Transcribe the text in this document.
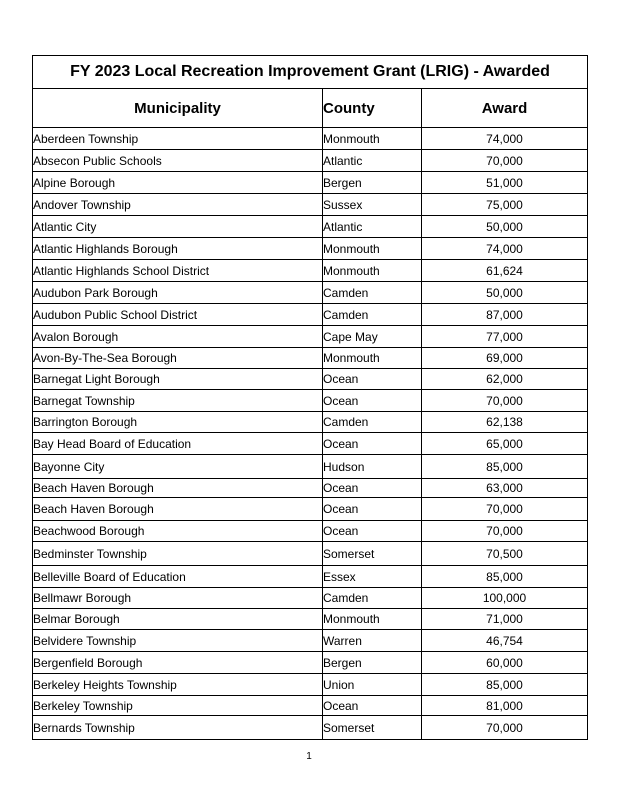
FY 2023 Local Recreation Improvement Grant (LRIG) - Awarded		
Municipality	County	Award
Aberdeen Township	Monmouth	74,000
Absecon Public Schools	Atlantic	70,000
Alpine Borough	Bergen	51,000
Andover Township	Sussex	75,000
Atlantic City	Atlantic	50,000
Atlantic Highlands Borough	Monmouth	74,000
Atlantic Highlands School District	Monmouth	61,624
Audubon Park Borough	Camden	50,000
Audubon Public School District	Camden	87,000
Avalon Borough	Cape May	77,000
Avon-By-The-Sea Borough	Monmouth	69,000
Barnegat Light Borough	Ocean	62,000
Barnegat Township	Ocean	70,000
Barrington Borough	Camden	62,138
Bay Head Board of Education	Ocean	65,000
Bayonne City	Hudson	85,000
Beach Haven Borough	Ocean	63,000
Beach Haven Borough	Ocean	70,000
Beachwood Borough	Ocean	70,000
Bedminster Township	Somerset	70,500
Belleville Board of Education	Essex	85,000
Bellmawr Borough	Camden	100,000
Belmar Borough	Monmouth	71,000
Belvidere Township	Warren	46,754
Bergenfield Borough	Bergen	60,000
Berkeley Heights Township	Union	85,000
Berkeley Township	Ocean	81,000
Bernards Township	Somerset	70,000
1
